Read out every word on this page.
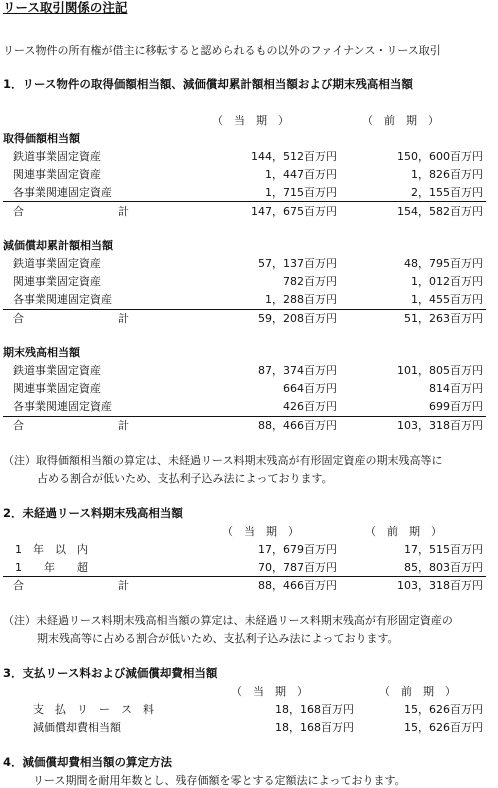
リース取引関係の注記
リース物件の所有権が借主に移転すると認められるもの以外のファイナンス・リース取引
1．リース物件の取得価額相当額、減価償却累計額相当額および期末残高相当額
（　当　期　）	（　前　期　）
取得価額相当額
鉄道事業固定資産	144，512百万円	150，600百万円
関連事業固定資産	1，447百万円	1，826百万円
各事業関連固定資産	1，715百万円	2，155百万円
合	計	147，675百万円	154，582百万円
減価償却累計額相当額
鉄道事業固定資産	57，137百万円	48，795百万円
関連事業固定資産	782百万円	1，012百万円
各事業関連固定資産	1，288百万円	1，455百万円
合	計	59，208百万円	51，263百万円
期末残高相当額
鉄道事業固定資産	87，374百万円	101，805百万円
関連事業固定資産	664百万円	814百万円
各事業関連固定資産	426百万円	699百万円
合	計	88，466百万円	103，318百万円
（注）取得価額相当額の算定は、未経過リース料期末残高が有形固定資産の期末残高等に
占める割合が低いため、支払利子込み法によっております。
2．未経過リース料期末残高相当額
（　当　期　）	（　前　期　）
1　年　以　内	17，679百万円	17，515百万円
1　　年　　超	70，787百万円	85，803百万円
合	計	88，466百万円	103，318百万円
（注）未経過リース料期末残高相当額の算定は、未経過リース料期末残高が有形固定資産の
期末残高等に占める割合が低いため、支払利子込み法によっております。
3．支払リース料および減価償却費相当額
（　当　期　）	（　前　期　）
支　払　リ　ー　ス　料	18，168百万円	15，626百万円
減価償却費相当額	18，168百万円	15，626百万円
4．減価償却費相当額の算定方法
リース期間を耐用年数とし、残存価額を零とする定額法によっております。
